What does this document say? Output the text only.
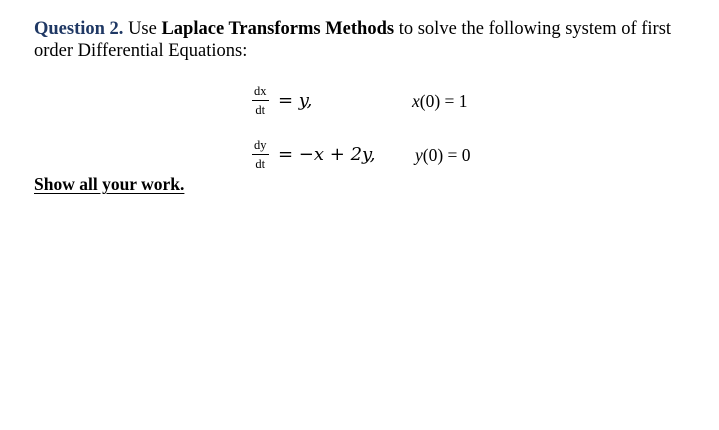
Question 2. Use Laplace Transforms Methods to solve the following system of first order Differential Equations:
$\frac{dx}{dt} = y$,	x(0) = 1
$\frac{dy}{dt} = -x + 2y$, y(0) = 0
Show all your work.
